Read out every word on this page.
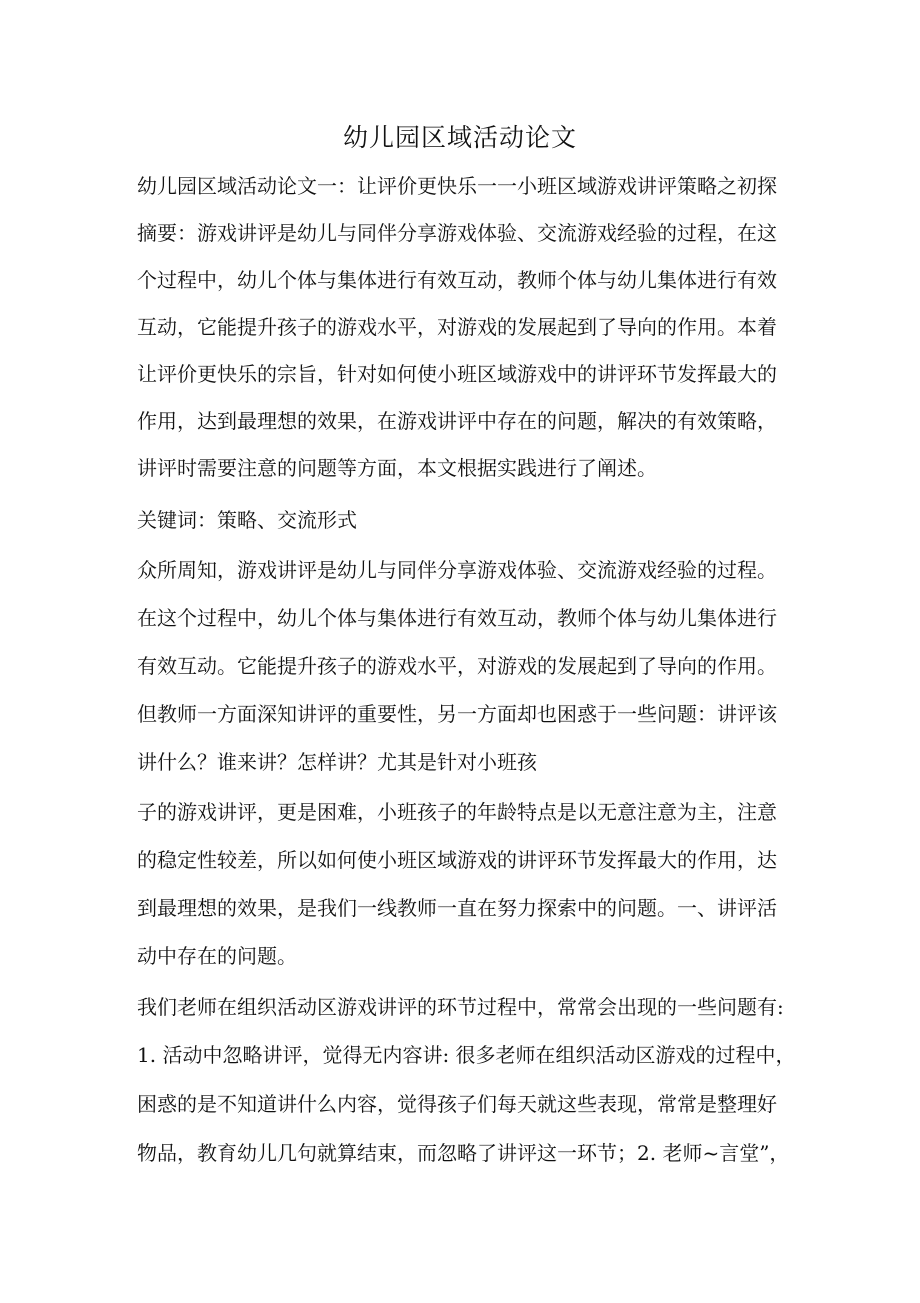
幼儿园区域活动论文
幼儿园区域活动论文一：让评价更快乐一一小班区域游戏讲评策略之初探
摘要：游戏讲评是幼儿与同伴分享游戏体验、交流游戏经验的过程，在这
个过程中，幼儿个体与集体进行有效互动，教师个体与幼儿集体进行有效
互动，它能提升孩子的游戏水平，对游戏的发展起到了导向的作用。本着
让评价更快乐的宗旨，针对如何使小班区域游戏中的讲评环节发挥最大的
作用，达到最理想的效果，在游戏讲评中存在的问题，解决的有效策略，
讲评时需要注意的问题等方面，本文根据实践进行了阐述。
关键词：策略、交流形式
众所周知，游戏讲评是幼儿与同伴分享游戏体验、交流游戏经验的过程。
在这个过程中，幼儿个体与集体进行有效互动，教师个体与幼儿集体进行
有效互动。它能提升孩子的游戏水平，对游戏的发展起到了导向的作用。
但教师一方面深知讲评的重要性，另一方面却也困惑于一些问题：讲评该
讲什么？谁来讲？怎样讲？尤其是针对小班孩
子的游戏讲评，更是困难，小班孩子的年龄特点是以无意注意为主，注意
的稳定性较差，所以如何使小班区域游戏的讲评环节发挥最大的作用，达
到最理想的效果，是我们一线教师一直在努力探索中的问题。一、讲评活
动中存在的问题。
我们老师在组织活动区游戏讲评的环节过程中，常常会出现的一些问题有:
1. 活动中忽略讲评，觉得无内容讲: 很多老师在组织活动区游戏的过程中，
困惑的是不知道讲什么内容，觉得孩子们每天就这些表现，常常是整理好
物品，教育幼儿几句就算结束，而忽略了讲评这一环节；2. 老师~言堂”，
